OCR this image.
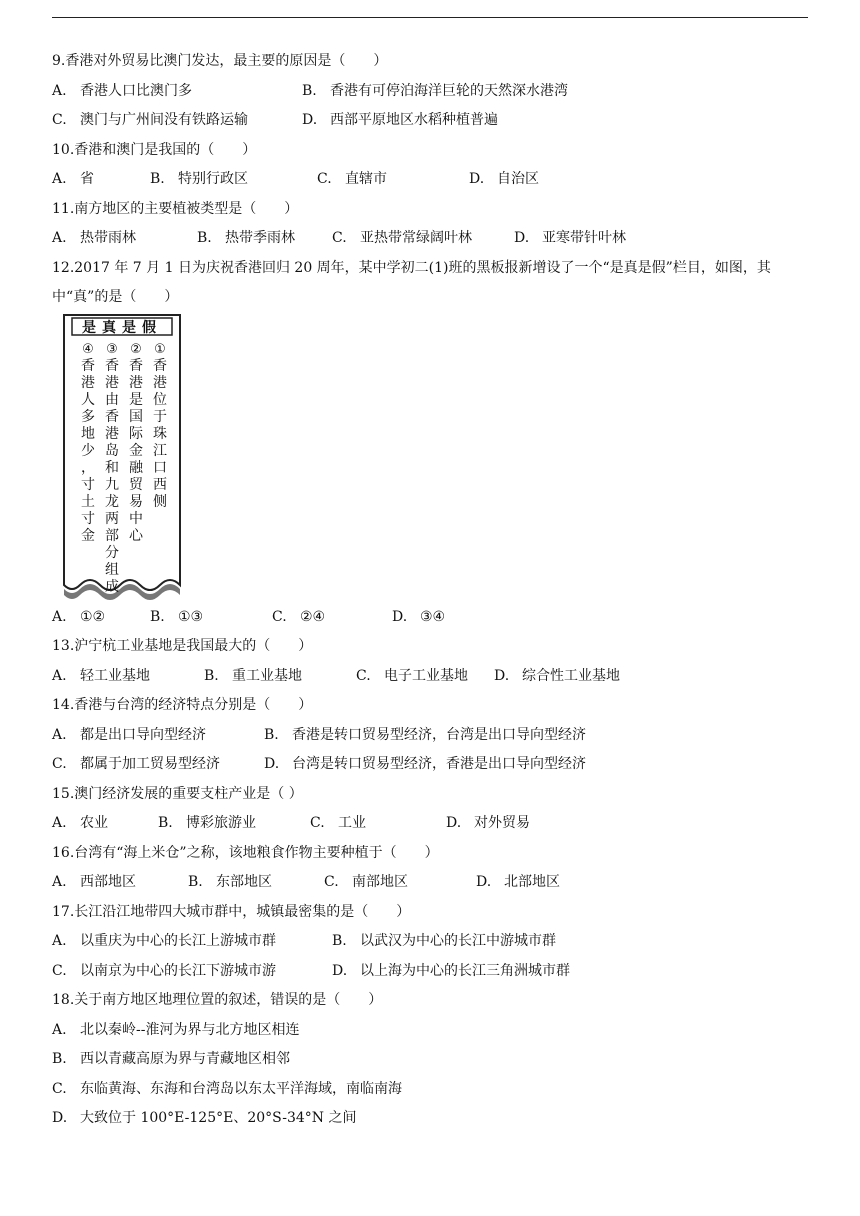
9.香港对外贸易比澳门发达，最主要的原因是（　　）
A. 香港人口比澳门多	B. 香港有可停泊海洋巨轮的天然深水港湾
C. 澳门与广州间没有铁路运输	D. 西部平原地区水稻种植普遍
10.香港和澳门是我国的（　　）
A. 省	B. 特别行政区	C. 直辖市	D. 自治区
11.南方地区的主要植被类型是（　　）
A. 热带雨林	B. 热带季雨林	C. 亚热带常绿阔叶林	D. 亚寒带针叶林
12.2017 年 7 月 1 日为庆祝香港回归 20 周年，某中学初二(1)班的黑板报新增设了一个“是真是假”栏目，如图，其中“真”的是（　　）
是真是假
①
香
港
位
于
珠
江
口
西
侧
②
香
港
是
国
际
金
融
贸
易
中
心
③
香
港
由
香
港
岛
和
九
龙
两
部
分
组
成
④
香
港
人
多
地
少
，
寸
土
寸
金
A. ①②	B. ①③	C. ②④	D. ③④
13.沪宁杭工业基地是我国最大的（　　）
A. 轻工业基地	B. 重工业基地	C. 电子工业基地 D. 综合性工业基地
14.香港与台湾的经济特点分别是（　　）
A. 都是出口导向型经济	B. 香港是转口贸易型经济，台湾是出口导向型经济
C. 都属于加工贸易型经济	D. 台湾是转口贸易型经济，香港是出口导向型经济
15.澳门经济发展的重要支柱产业是（ ）
A. 农业	B. 博彩旅游业	C. 工业	D. 对外贸易
16.台湾有“海上米仓”之称，该地粮食作物主要种植于（　　）
A. 西部地区	B. 东部地区	C. 南部地区	D. 北部地区
17.长江沿江地带四大城市群中，城镇最密集的是（　　）
A. 以重庆为中心的长江上游城市群	B. 以武汉为中心的长江中游城市群
C. 以南京为中心的长江下游城市游	D. 以上海为中心的长江三角洲城市群
18.关于南方地区地理位置的叙述，错误的是（　　）
A. 北以秦岭--淮河为界与北方地区相连
B. 西以青藏高原为界与青藏地区相邻
C. 东临黄海、东海和台湾岛以东太平洋海域，南临南海
D. 大致位于 100°E-125°E、20°S-34°N 之间
